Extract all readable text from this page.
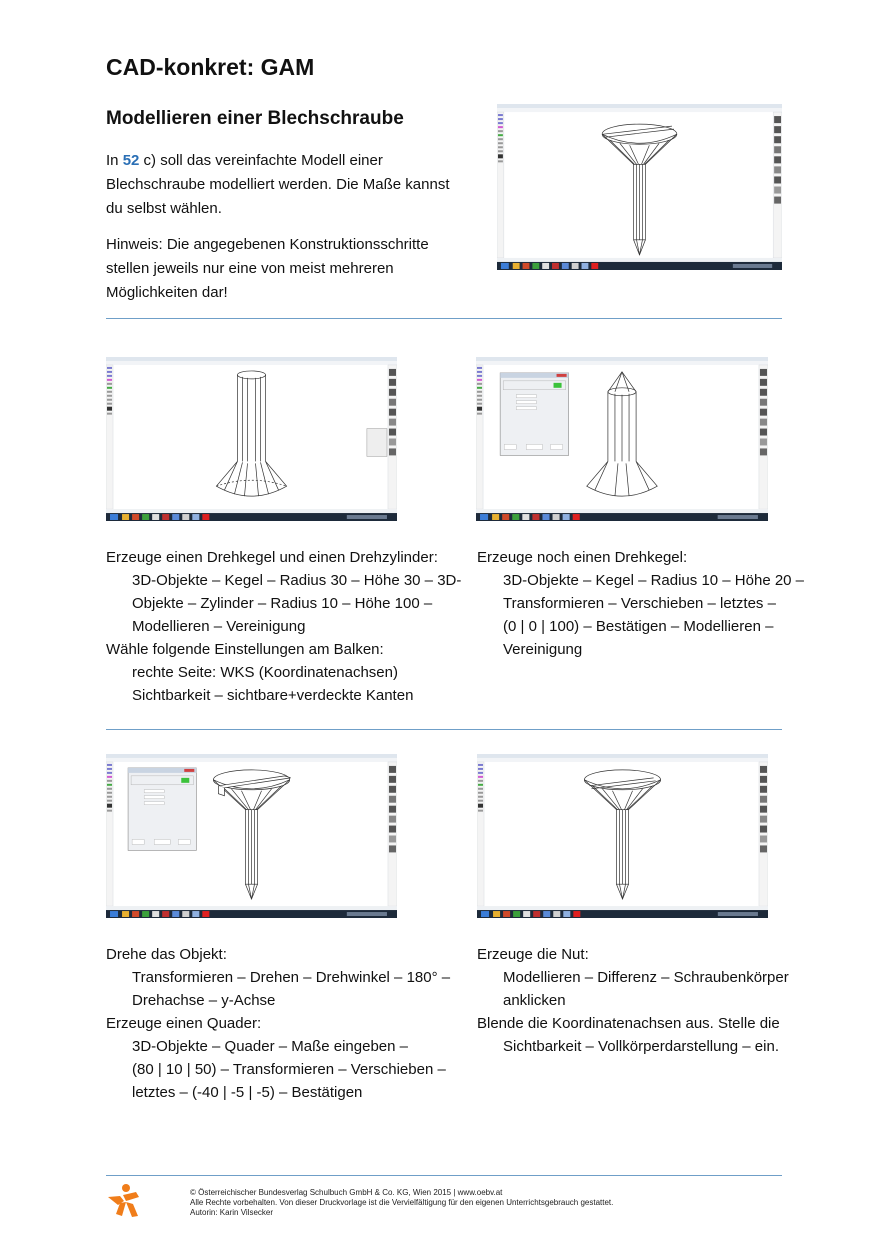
CAD-konkret: GAM
Modellieren einer Blechschraube

In 52 c) soll das vereinfachte Modell einer
Blechschraube modelliert werden. Die Maße kannst
du selbst wählen.

Hinweis: Die angegebenen Konstruktionsschritte
stellen jeweils nur eine von meist mehreren
Möglichkeiten dar!

Erzeuge einen Drehkegel und einen Drehzylinder:
3D-Objekte – Kegel – Radius 30 – Höhe 30 – 3D-
Objekte – Zylinder – Radius 10 – Höhe 100 –
Modellieren – Vereinigung
Wähle folgende Einstellungen am Balken:
rechte Seite: WKS (Koordinatenachsen)
Sichtbarkeit – sichtbare+verdeckte Kanten
Erzeuge noch einen Drehkegel:
3D-Objekte – Kegel – Radius 10 – Höhe 20 –
Transformieren – Verschieben – letztes –
(0 | 0 | 100) – Bestätigen – Modellieren –
Vereinigung
Drehe das Objekt:
Transformieren – Drehen – Drehwinkel – 180° –
Drehachse – y-Achse
Erzeuge einen Quader:
3D-Objekte – Quader – Maße eingeben –
(80 | 10 | 50) – Transformieren – Verschieben –
letztes – (-40 | -5 | -5) – Bestätigen
Erzeuge die Nut:
Modellieren – Differenz – Schraubenkörper
anklicken
Blende die Koordinatenachsen aus. Stelle die
Sichtbarkeit – Vollkörperdarstellung – ein.
© Österreichischer Bundesverlag Schulbuch GmbH & Co. KG, Wien 2015 | www.oebv.at
Alle Rechte vorbehalten. Von dieser Druckvorlage ist die Vervielfältigung für den eigenen Unterrichtsgebrauch gestattet.
Autorin: Karin Vilsecker
